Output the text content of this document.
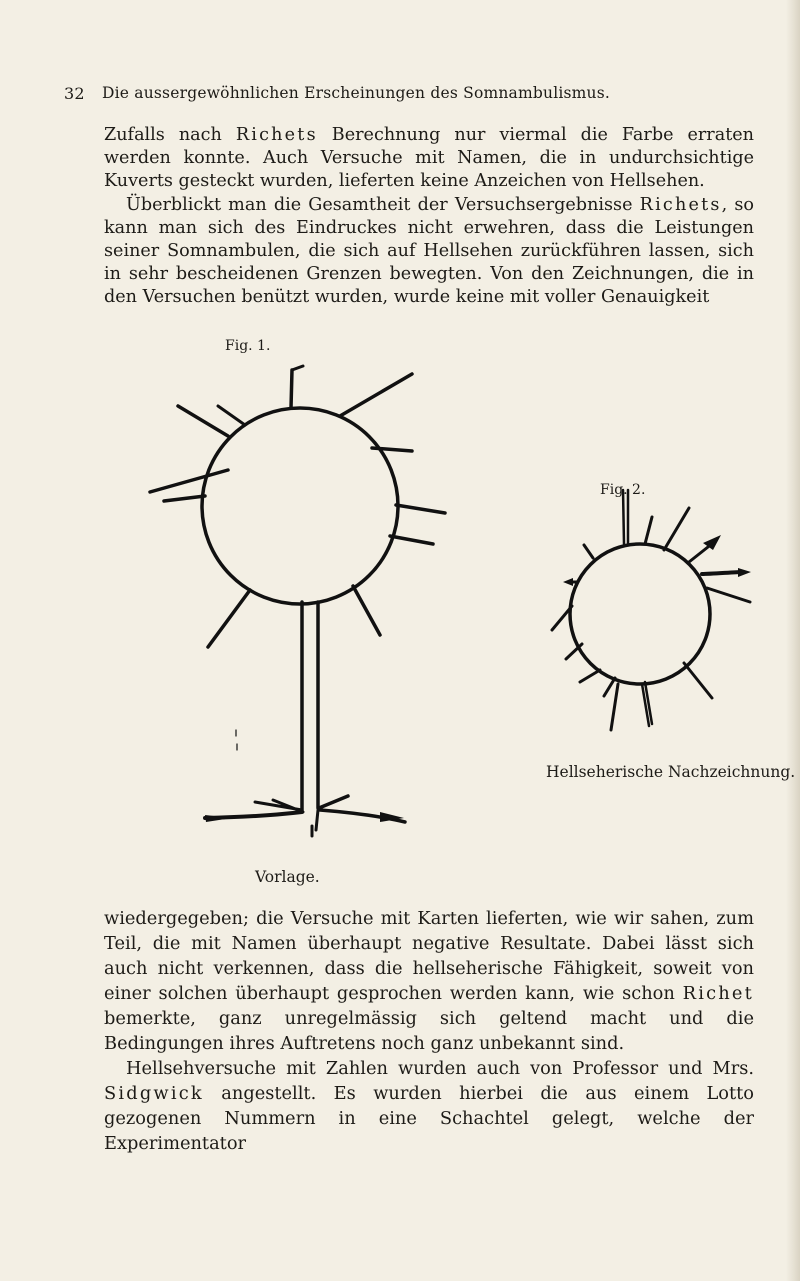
32 Die aussergewöhnlichen Erscheinungen des Somnambulismus.

Zufalls nach Richets Berechnung nur viermal die Farbe erraten werden konnte. Auch Versuche mit Namen, die in undurchsichtige Kuverts gesteckt wurden, lieferten keine Anzeichen von Hellsehen.

Überblickt man die Gesamtheit der Versuchsergebnisse Richets, so kann man sich des Eindruckes nicht erwehren, dass die Leistungen seiner Somnambulen, die sich auf Hellsehen zurückführen lassen, sich in sehr bescheidenen Grenzen bewegten. Von den Zeichnungen, die in den Versuchen benützt wurden, wurde keine mit voller Genauigkeit

Fig. 1.
Fig. 2.
Hellseherische Nachzeichnung.
Vorlage.

wiedergegeben; die Versuche mit Karten lieferten, wie wir sahen, zum Teil, die mit Namen überhaupt negative Resultate. Dabei lässt sich auch nicht verkennen, dass die hellseherische Fähigkeit, soweit von einer solchen überhaupt gesprochen werden kann, wie schon Richet bemerkte, ganz unregelmässig sich geltend macht und die Bedingungen ihres Auftretens noch ganz unbekannt sind.

Hellsehversuche mit Zahlen wurden auch von Professor und Mrs. Sidgwick angestellt. Es wurden hierbei die aus einem Lotto gezogenen Nummern in eine Schachtel gelegt, welche der Experimentator
